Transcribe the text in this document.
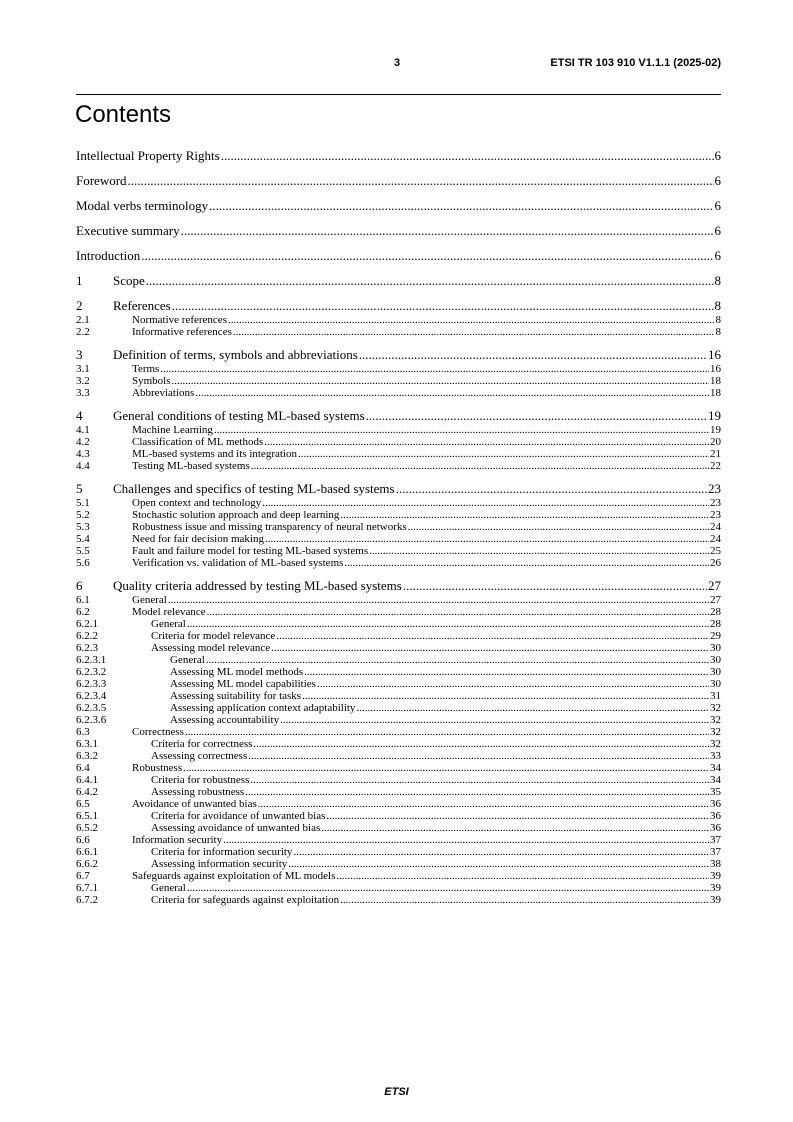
3	ETSI TR 103 910 V1.1.1 (2025-02)
Contents
Intellectual Property Rights .....	6
Foreword .....	6
Modal verbs terminology .....	6
Executive summary .....	6
Introduction .....	6
1	Scope .....	8
2	References .....	8
2.1	Normative references .....	8
2.2	Informative references .....	8
3	Definition of terms, symbols and abbreviations .....	16
3.1	Terms .....	16
3.2	Symbols .....	18
3.3	Abbreviations .....	18
4	General conditions of testing ML-based systems .....	19
4.1	Machine Learning .....	19
4.2	Classification of ML methods .....	20
4.3	ML-based systems and its integration .....	21
4.4	Testing ML-based systems .....	22
5	Challenges and specifics of testing ML-based systems .....	23
5.1	Open context and technology .....	23
5.2	Stochastic solution approach and deep learning .....	23
5.3	Robustness issue and missing transparency of neural networks .....	24
5.4	Need for fair decision making .....	24
5.5	Fault and failure model for testing ML-based systems .....	25
5.6	Verification vs. validation of ML-based systems .....	26
6	Quality criteria addressed by testing ML-based systems .....	27
6.1	General .....	27
6.2	Model relevance .....	28
6.2.1	General .....	28
6.2.2	Criteria for model relevance .....	29
6.2.3	Assessing model relevance .....	30
6.2.3.1	General .....	30
6.2.3.2	Assessing ML model methods .....	30
6.2.3.3	Assessing ML model capabilities .....	30
6.2.3.4	Assessing suitability for tasks .....	31
6.2.3.5	Assessing application context adaptability .....	32
6.2.3.6	Assessing accountability .....	32
6.3	Correctness .....	32
6.3.1	Criteria for correctness .....	32
6.3.2	Assessing correctness .....	33
6.4	Robustness .....	34
6.4.1	Criteria for robustness .....	34
6.4.2	Assessing robustness .....	35
6.5	Avoidance of unwanted bias .....	36
6.5.1	Criteria for avoidance of unwanted bias .....	36
6.5.2	Assessing avoidance of unwanted bias .....	36
6.6	Information security .....	37
6.6.1	Criteria for information security .....	37
6.6.2	Assessing information security .....	38
6.7	Safeguards against exploitation of ML models .....	39
6.7.1	General .....	39
6.7.2	Criteria for safeguards against exploitation .....	39
ETSI
